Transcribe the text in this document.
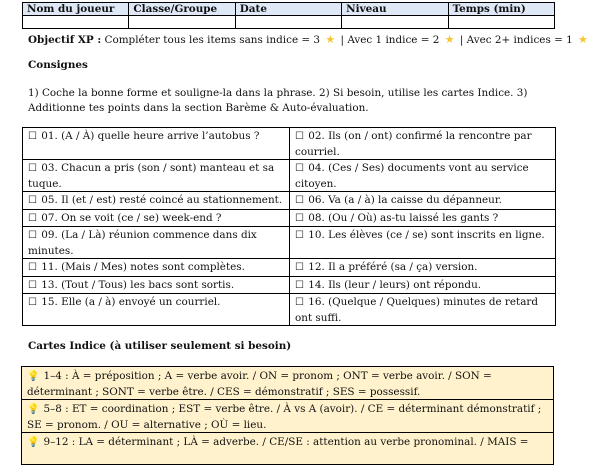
Nom du joueur	Classe/Groupe	Date	Niveau	Temps (min)

Objectif XP : Compléter tous les items sans indice = 3 ★ | Avec 1 indice = 2 ★ | Avec 2+ indices = 1 ★
Consignes
1) Coche la bonne forme et souligne-la dans la phrase. 2) Si besoin, utilise les cartes Indice. 3) Additionne tes points dans la section Barème & Auto-évaluation.
☐ 01. (A / À) quelle heure arrive l’autobus ?	☐ 02. Ils (on / ont) confirmé la rencontre par courriel.
☐ 03. Chacun a pris (son / sont) manteau et sa tuque.	☐ 04. (Ces / Ses) documents vont au service citoyen.
☐ 05. Il (et / est) resté coincé au stationnement.	☐ 06. Va (a / à) la caisse du dépanneur.
☐ 07. On se voit (ce / se) week-end ?	☐ 08. (Ou / Où) as-tu laissé les gants ?
☐ 09. (La / Là) réunion commence dans dix minutes.	☐ 10. Les élèves (ce / se) sont inscrits en ligne.
☐ 11. (Mais / Mes) notes sont complètes.	☐ 12. Il a préféré (sa / ça) version.
☐ 13. (Tout / Tous) les bacs sont sortis.	☐ 14. Ils (leur / leurs) ont répondu.
☐ 15. Elle (a / à) envoyé un courriel.	☐ 16. (Quelque / Quelques) minutes de retard ont suffi.
Cartes Indice (à utiliser seulement si besoin)
💡 1–4 : À = préposition ; A = verbe avoir. / ON = pronom ; ONT = verbe avoir. / SON = déterminant ; SONT = verbe être. / CES = démonstratif ; SES = possessif.
💡 5–8 : ET = coordination ; EST = verbe être. / À vs A (avoir). / CE = déterminant démonstratif ; SE = pronom. / OU = alternative ; OÙ = lieu.
💡 9–12 : LA = déterminant ; LÀ = adverbe. / CE/SE : attention au verbe pronominal. / MAIS =
